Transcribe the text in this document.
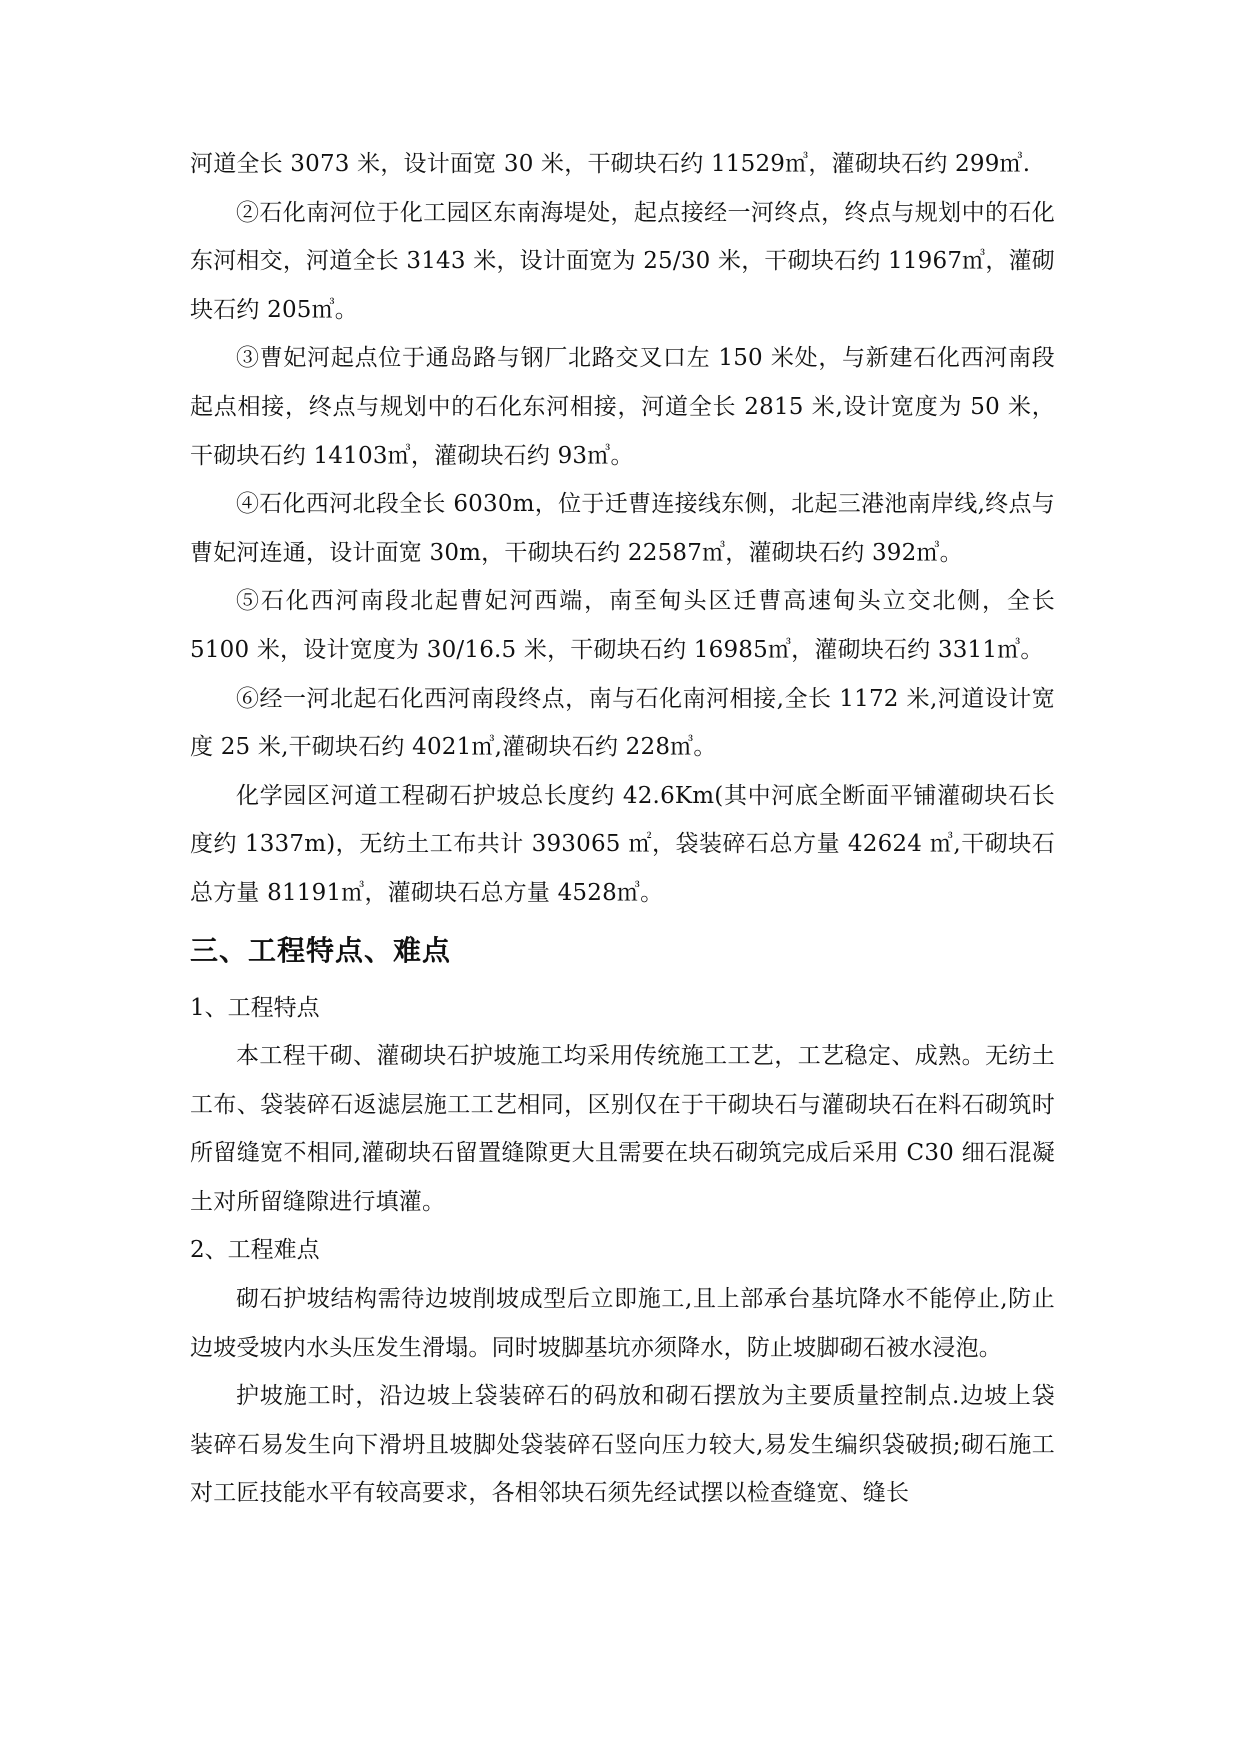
河道全长 3073 米，设计面宽 30 米，干砌块石约 11529㎥，灌砌块石约 299㎥.

②石化南河位于化工园区东南海堤处，起点接经一河终点，终点与规划中的石化东河相交，河道全长 3143 米，设计面宽为 25/30 米，干砌块石约 11967㎥，灌砌块石约 205㎥。

③曹妃河起点位于通岛路与钢厂北路交叉口左 150 米处，与新建石化西河南段起点相接，终点与规划中的石化东河相接，河道全长 2815 米,设计宽度为 50 米，干砌块石约 14103㎥，灌砌块石约 93㎥。

④石化西河北段全长 6030m，位于迁曹连接线东侧，北起三港池南岸线,终点与曹妃河连通，设计面宽 30m，干砌块石约 22587㎥，灌砌块石约 392㎥。

⑤石化西河南段北起曹妃河西端，南至甸头区迁曹高速甸头立交北侧，全长 5100 米，设计宽度为 30/16.5 米，干砌块石约 16985㎥，灌砌块石约 3311㎥。

⑥经一河北起石化西河南段终点，南与石化南河相接,全长 1172 米,河道设计宽度 25 米,干砌块石约 4021㎥,灌砌块石约 228㎥。

化学园区河道工程砌石护坡总长度约 42.6Km(其中河底全断面平铺灌砌块石长度约 1337m)，无纺土工布共计 393065 ㎡，袋装碎石总方量 42624 ㎥,干砌块石总方量 81191㎥，灌砌块石总方量 4528㎥。

三、工程特点、难点

1、工程特点

本工程干砌、灌砌块石护坡施工均采用传统施工工艺，工艺稳定、成熟。无纺土工布、袋装碎石返滤层施工工艺相同，区别仅在于干砌块石与灌砌块石在料石砌筑时所留缝宽不相同,灌砌块石留置缝隙更大且需要在块石砌筑完成后采用 C30 细石混凝土对所留缝隙进行填灌。

2、工程难点

砌石护坡结构需待边坡削坡成型后立即施工,且上部承台基坑降水不能停止,防止边坡受坡内水头压发生滑塌。同时坡脚基坑亦须降水，防止坡脚砌石被水浸泡。

护坡施工时，沿边坡上袋装碎石的码放和砌石摆放为主要质量控制点.边坡上袋装碎石易发生向下滑坍且坡脚处袋装碎石竖向压力较大,易发生编织袋破损;砌石施工对工匠技能水平有较高要求，各相邻块石须先经试摆以检查缝宽、缝长
